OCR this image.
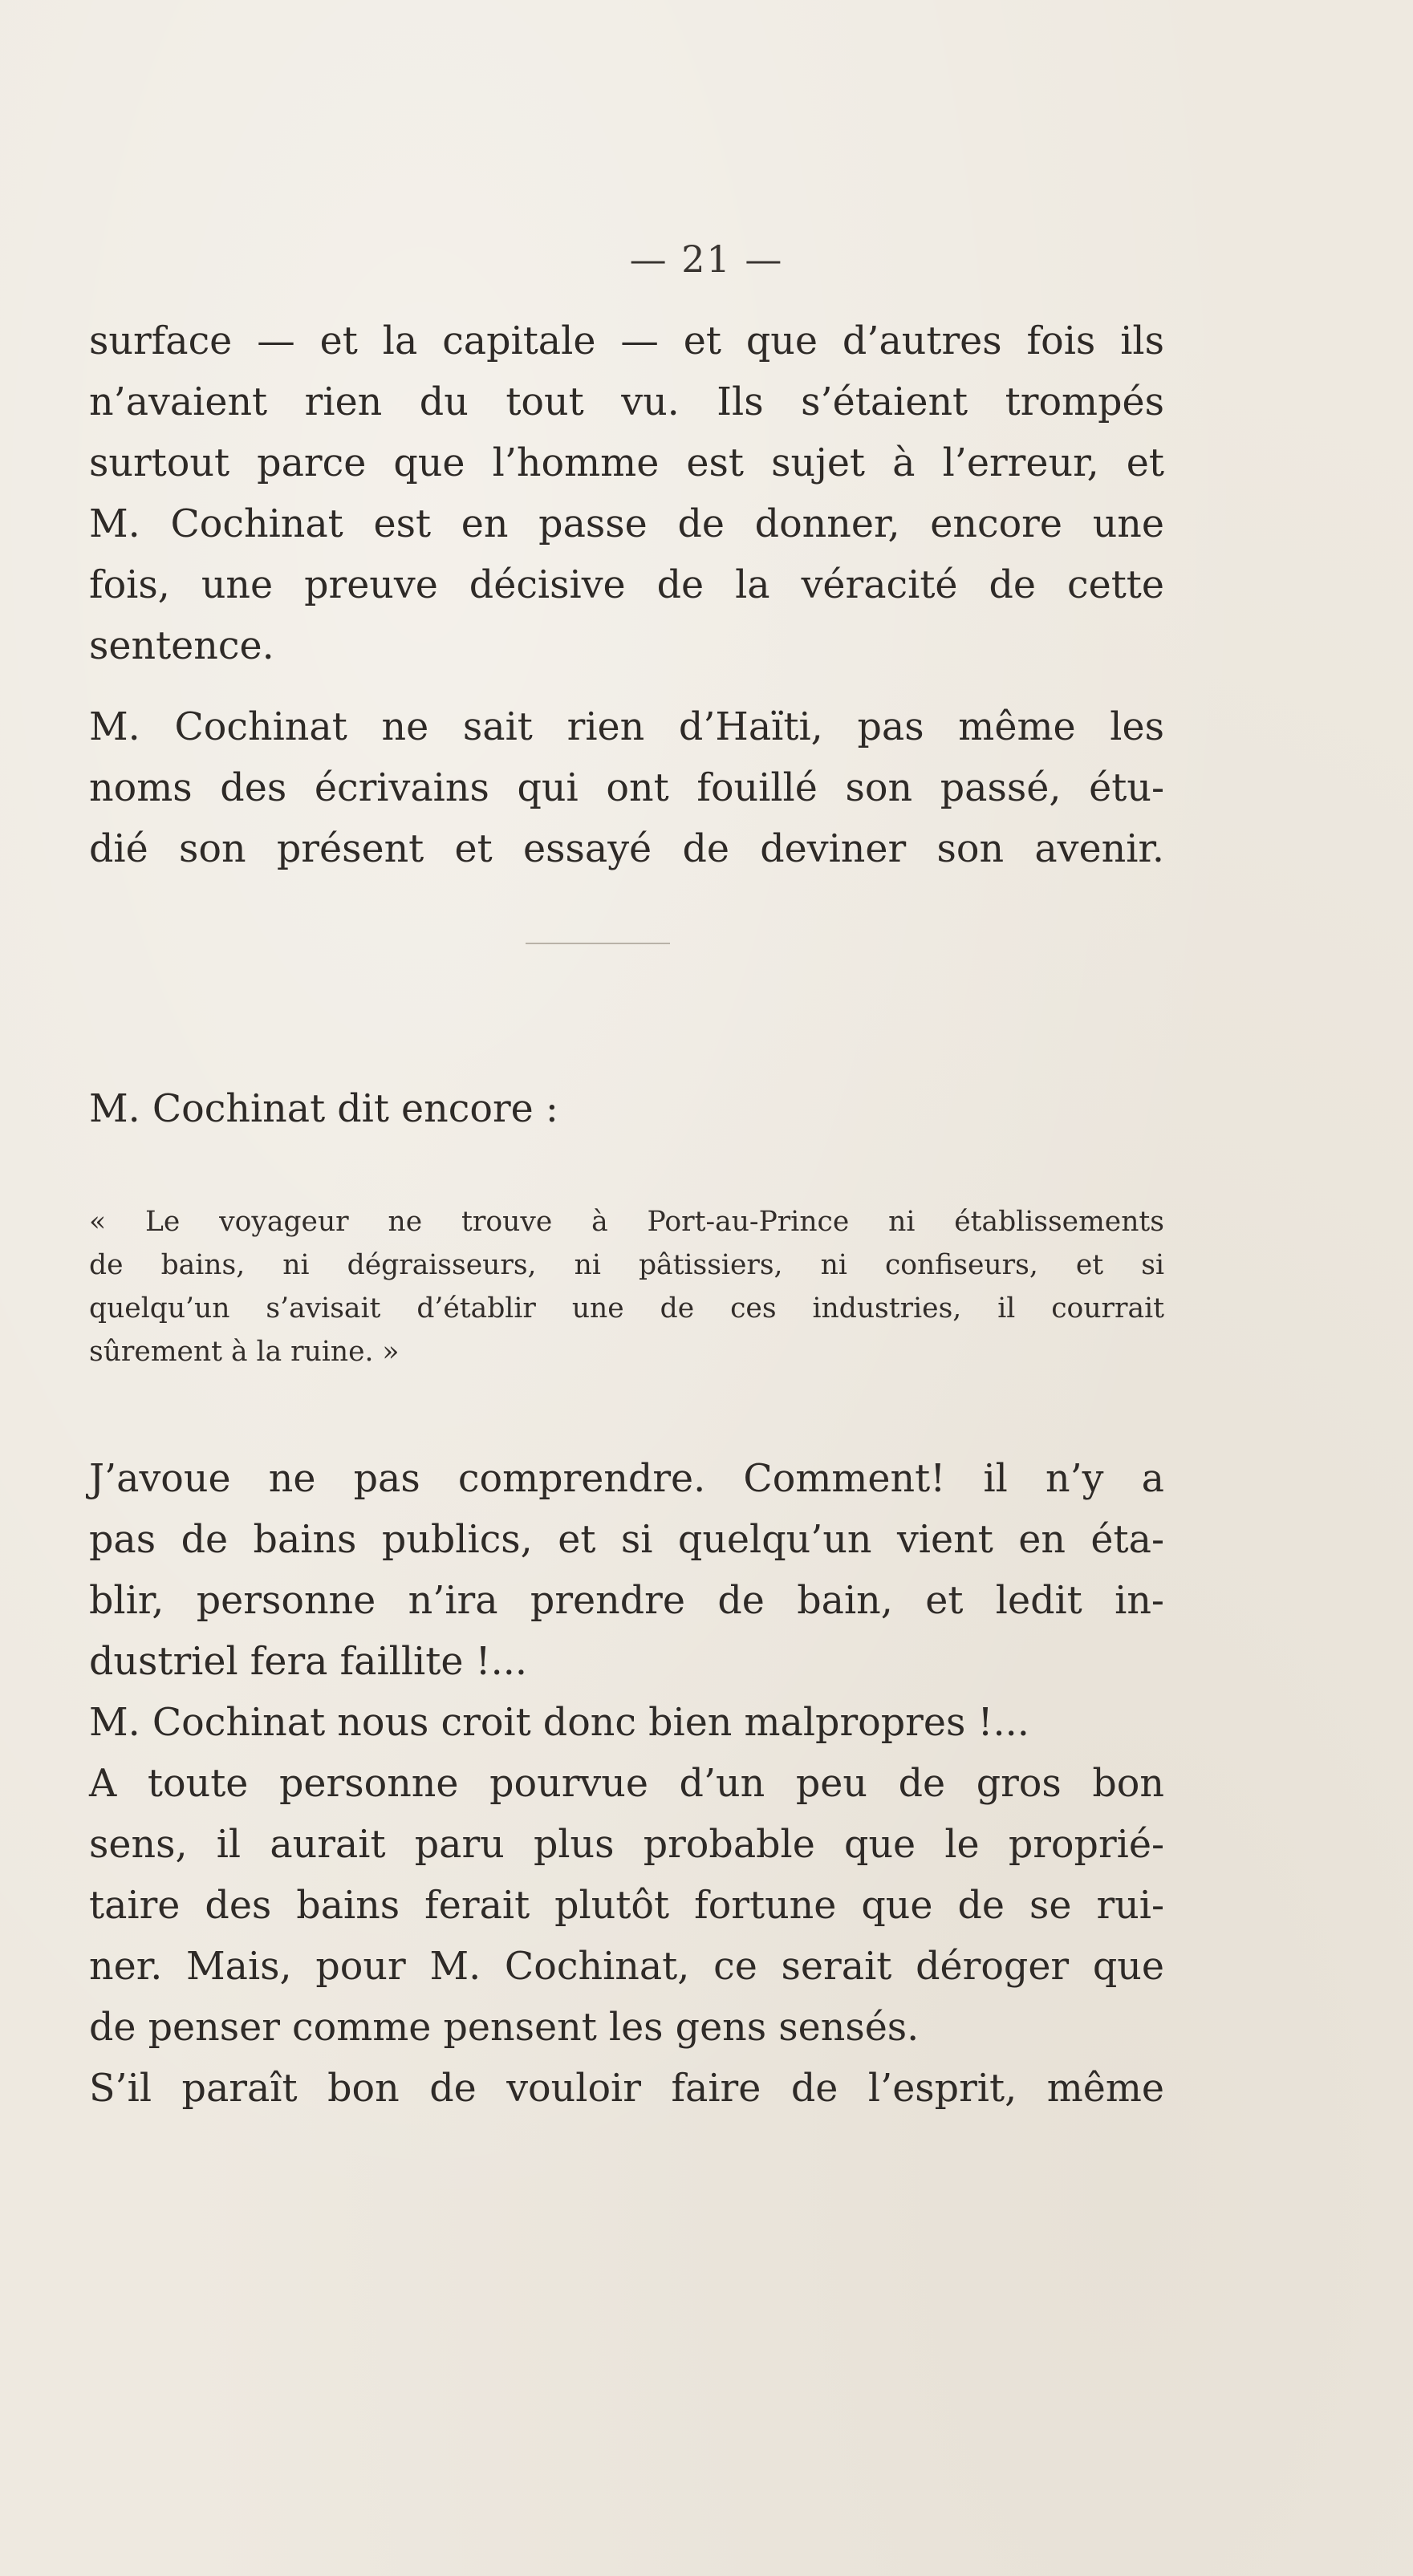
— 21 —
surface — et la capitale — et que d’autres fois ils
n’avaient rien du tout vu. Ils s’étaient trompés
surtout parce que l’homme est sujet à l’erreur, et
M. Cochinat est en passe de donner, encore une
fois, une preuve décisive de la véracité de cette
sentence.
M. Cochinat ne sait rien d’Haïti, pas même les
noms des écrivains qui ont fouillé son passé, étu-
dié son présent et essayé de deviner son avenir.
M. Cochinat dit encore :
« Le voyageur ne trouve à Port-au-Prince ni établissements
de bains, ni dégraisseurs, ni pâtissiers, ni confiseurs, et si
quelqu’un s’avisait d’établir une de ces industries, il courrait
sûrement à la ruine. »
J’avoue ne pas comprendre. Comment! il n’y a
pas de bains publics, et si quelqu’un vient en éta-
blir, personne n’ira prendre de bain, et ledit in-
dustriel fera faillite !...
M. Cochinat nous croit donc bien malpropres !...
A toute personne pourvue d’un peu de gros bon
sens, il aurait paru plus probable que le proprié-
taire des bains ferait plutôt fortune que de se rui-
ner. Mais, pour M. Cochinat, ce serait déroger que
de penser comme pensent les gens sensés.
S’il paraît bon de vouloir faire de l’esprit, même
